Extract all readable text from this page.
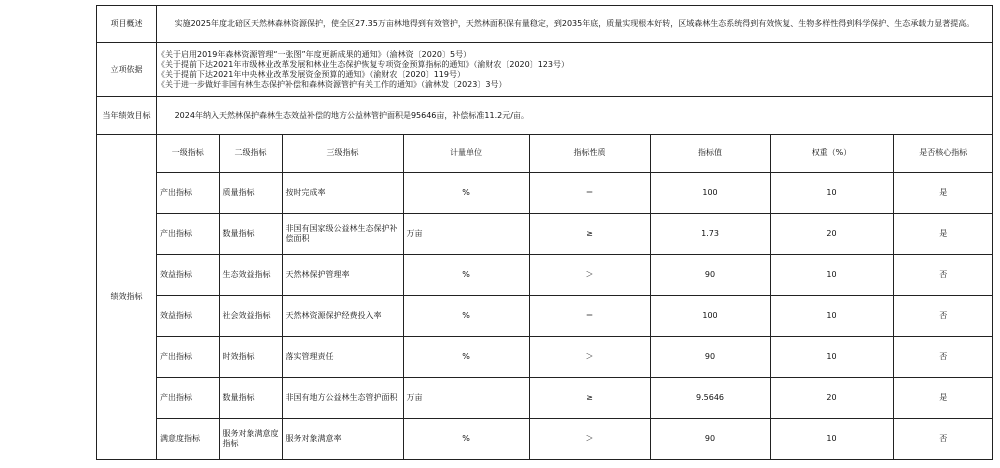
项目概述	实施2025年度北碚区天然林森林资源保护，使全区27.35万亩林地得到有效管护，天然林面积保有量稳定，到2035年底，质量实现根本好转，区域森林生态系统得到有效恢复、生物多样性得到科学保护、生态承载力显著提高。
立项依据	
《关于启用2019年森林资源管理“一张图”年度更新成果的通知》（渝林资〔2020〕5号）
《关于提前下达2021年市级林业改革发展和林业生态保护恢复专项资金预算指标的通知》（渝财农〔2020〕123号）
《关于提前下达2021年中央林业改革发展资金预算的通知》（渝财农〔2020〕119号）
《关于进一步做好非国有林生态保护补偿和森林资源管护有关工作的通知》（渝林发〔2023〕3号）

当年绩效目标	2024年纳入天然林保护森林生态效益补偿的地方公益林管护面积是95646亩，补偿标准11.2元/亩。
绩效指标	
一级指标	二级指标	三级指标	计量单位	指标性质	指标值	权重（%）	是否核心指标
产出指标	质量指标	按时完成率	%	＝	100	10	是
产出指标	数量指标	非国有国家级公益林生态保护补偿面积	万亩	≥	1.73	20	是
效益指标	生态效益指标	天然林保护管理率	%	＞	90	10	否
效益指标	社会效益指标	天然林资源保护经费投入率	%	＝	100	10	否
产出指标	时效指标	落实管理责任	%	＞	90	10	否
产出指标	数量指标	非国有地方公益林生态管护面积	万亩	≥	9.5646	20	是
满意度指标	服务对象满意度指标	服务对象满意率	%	＞	90	10	否
